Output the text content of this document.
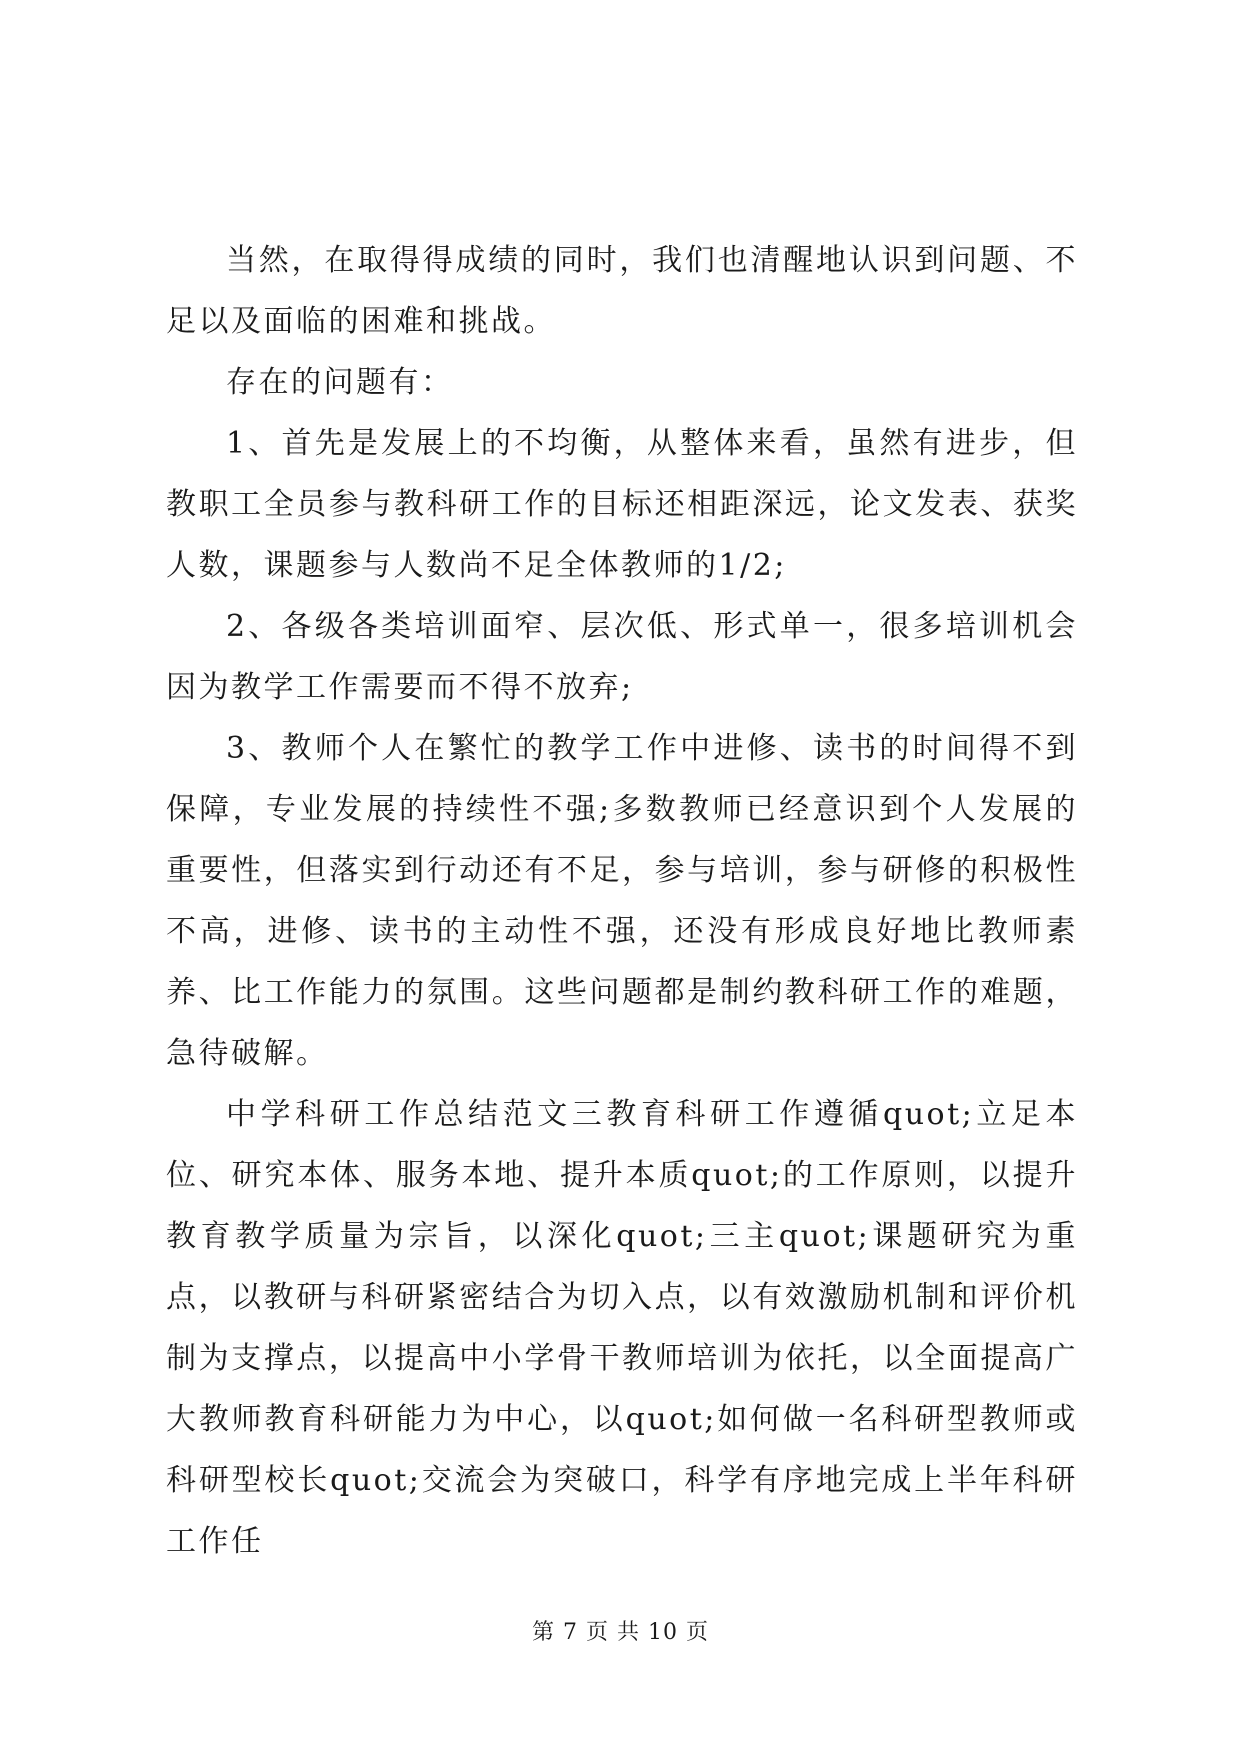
当然，在取得得成绩的同时，我们也清醒地认识到问题、不足以及面临的困难和挑战。

存在的问题有：

1、首先是发展上的不均衡，从整体来看，虽然有进步，但教职工全员参与教科研工作的目标还相距深远，论文发表、获奖人数，课题参与人数尚不足全体教师的1/2;

2、各级各类培训面窄、层次低、形式单一，很多培训机会因为教学工作需要而不得不放弃;

3、教师个人在繁忙的教学工作中进修、读书的时间得不到保障，专业发展的持续性不强;多数教师已经意识到个人发展的重要性，但落实到行动还有不足，参与培训，参与研修的积极性不高，进修、读书的主动性不强，还没有形成良好地比教师素养、比工作能力的氛围。这些问题都是制约教科研工作的难题，急待破解。

中学科研工作总结范文三教育科研工作遵循quot;立足本位、研究本体、服务本地、提升本质quot;的工作原则，以提升教育教学质量为宗旨，以深化quot;三主quot;课题研究为重点，以教研与科研紧密结合为切入点，以有效激励机制和评价机制为支撑点，以提高中小学骨干教师培训为依托，以全面提高广大教师教育科研能力为中心，以quot;如何做一名科研型教师或科研型校长quot;交流会为突破口，科学有序地完成上半年科研工作任

第 7 页 共 10 页
